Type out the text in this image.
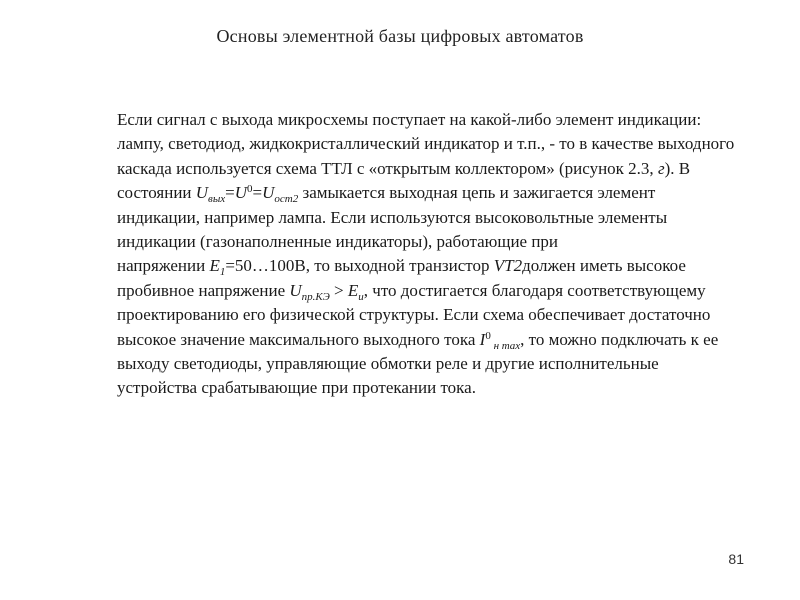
Основы элементной базы цифровых автоматов
Если сигнал с выхода микросхемы поступает на какой-либо элемент индикации:
лампу, светодиод, жидкокристаллический индикатор и т.п., - то в качестве выходного
каскада используется схема ТТЛ с «открытым коллектором» (рисунок 2.3, г). В
состоянии $U_{вых}=U^0=U_{ост2}$ замыкается выходная цепь и зажигается элемент
индикации, например лампа. Если используются высоковольтные элементы
индикации (газонаполненные индикаторы), работающие при
напряжении $E_1=50\dots 100В$, то выходной транзистор VT2должен иметь высокое
пробивное напряжение $U_{пр.КЭ} > E_u$, что достигается благодаря соответствующему
проектированию его физической структуры. Если схема обеспечивает достаточно
высокое значение максимального выходного тока $I^0$ $_{н max}$, то можно подключать к ее
выходу светодиоды, управляющие обмотки реле и другие исполнительные
устройства срабатывающие при протекании тока.
81
